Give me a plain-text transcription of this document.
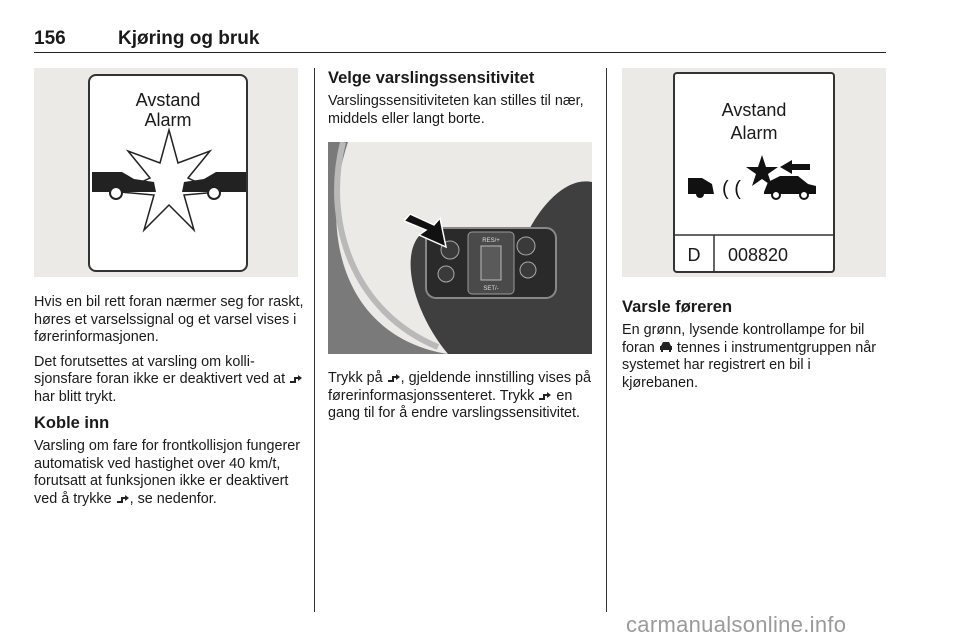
156	Kjøring og bruk
Avstand
Alarm
RES/+
SET/-
Avstand
Alarm
( (
D 008820

Hvis en bil rett foran nærmer seg for raskt, høres et varselssignal og et varsel vises i førerinformasjonen.

Det forutsettes at varsling om kollisjonsfare foran ikke er deaktivert ved at  har blitt trykt.

Koble inn

Varsling om fare for frontkollisjon fungerer automatisk ved hastighet over 40 km/t, forutsatt at funksjonen ikke er deaktivert ved å trykke , se nedenfor.

Velge varslingssensitivitet

Varslingssensitiviteten kan stilles til nær, middels eller langt borte.

Trykk på , gjeldende innstilling vises på førerinformasjonssenteret. Trykk en gang til for å endre varslingssensitivitet.

Varsle føreren

En grønn, lysende kontrollampe for bil foran tennes i instrumentgruppen når systemet har registrert en bil i kjørebanen.

carmanualsonline.info
